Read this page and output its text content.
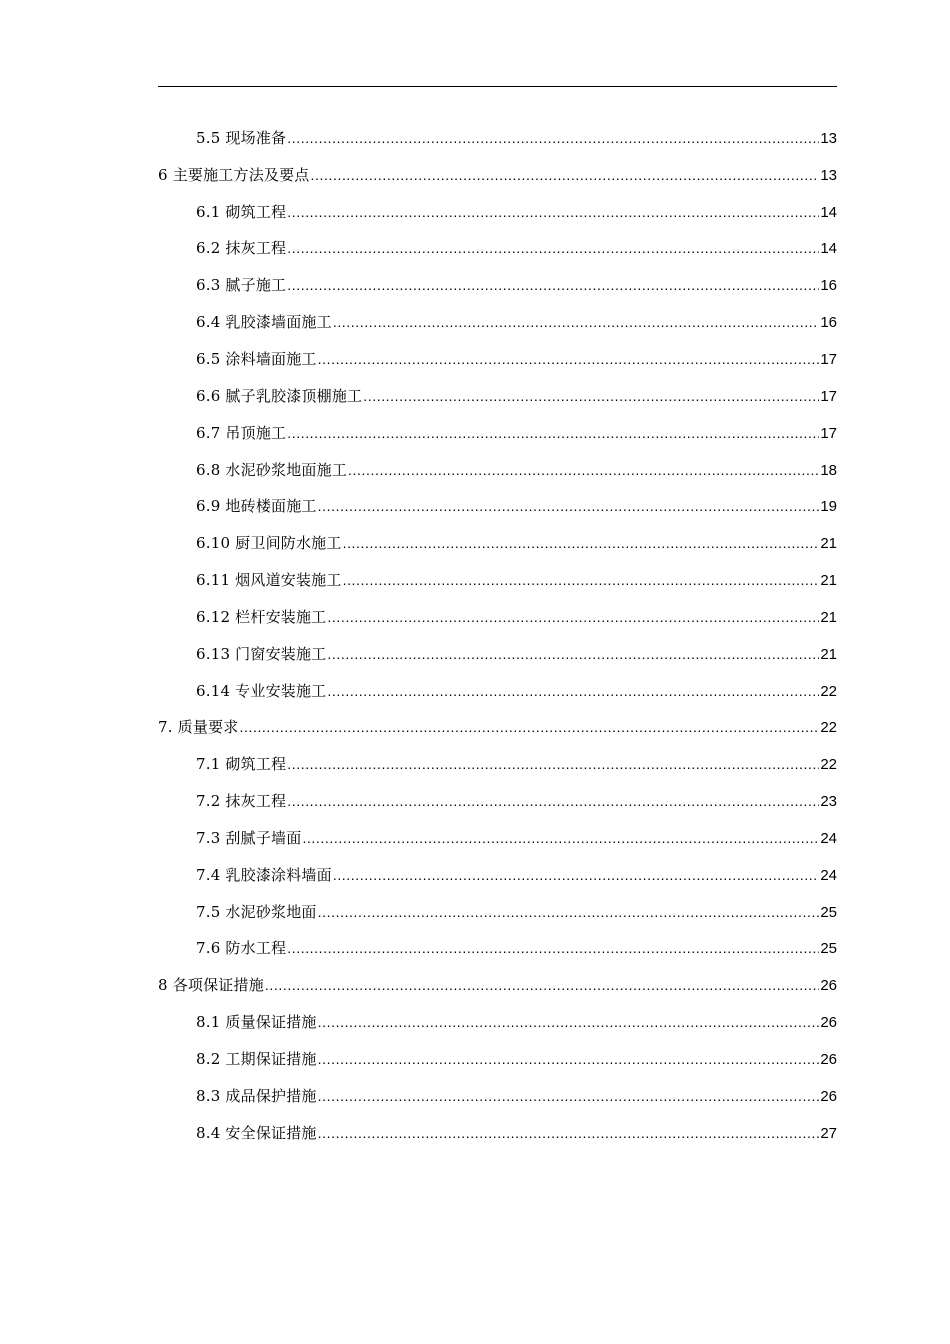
5.5 现场准备 .....	13
6 主要施工方法及要点 .....	13
6.1 砌筑工程 .....	14
6.2 抹灰工程 .....	14
6.3 腻子施工 .....	16
6.4 乳胶漆墙面施工 .....	16
6.5 涂料墙面施工 .....	17
6.6 腻子乳胶漆顶棚施工 .....	17
6.7 吊顶施工 .....	17
6.8 水泥砂浆地面施工 .....	18
6.9 地砖楼面施工 .....	19
6.10 厨卫间防水施工 .....	21
6.11 烟风道安装施工 .....	21
6.12 栏杆安装施工 .....	21
6.13 门窗安装施工 .....	21
6.14 专业安装施工 .....	22
7. 质量要求 .....	22
7.1 砌筑工程 .....	22
7.2 抹灰工程 .....	23
7.3 刮腻子墙面 .....	24
7.4 乳胶漆涂料墙面 .....	24
7.5 水泥砂浆地面 .....	25
7.6 防水工程 .....	25
8 各项保证措施 .....	26
8.1 质量保证措施 .....	26
8.2 工期保证措施 .....	26
8.3 成品保护措施 .....	26
8.4 安全保证措施 .....	27
